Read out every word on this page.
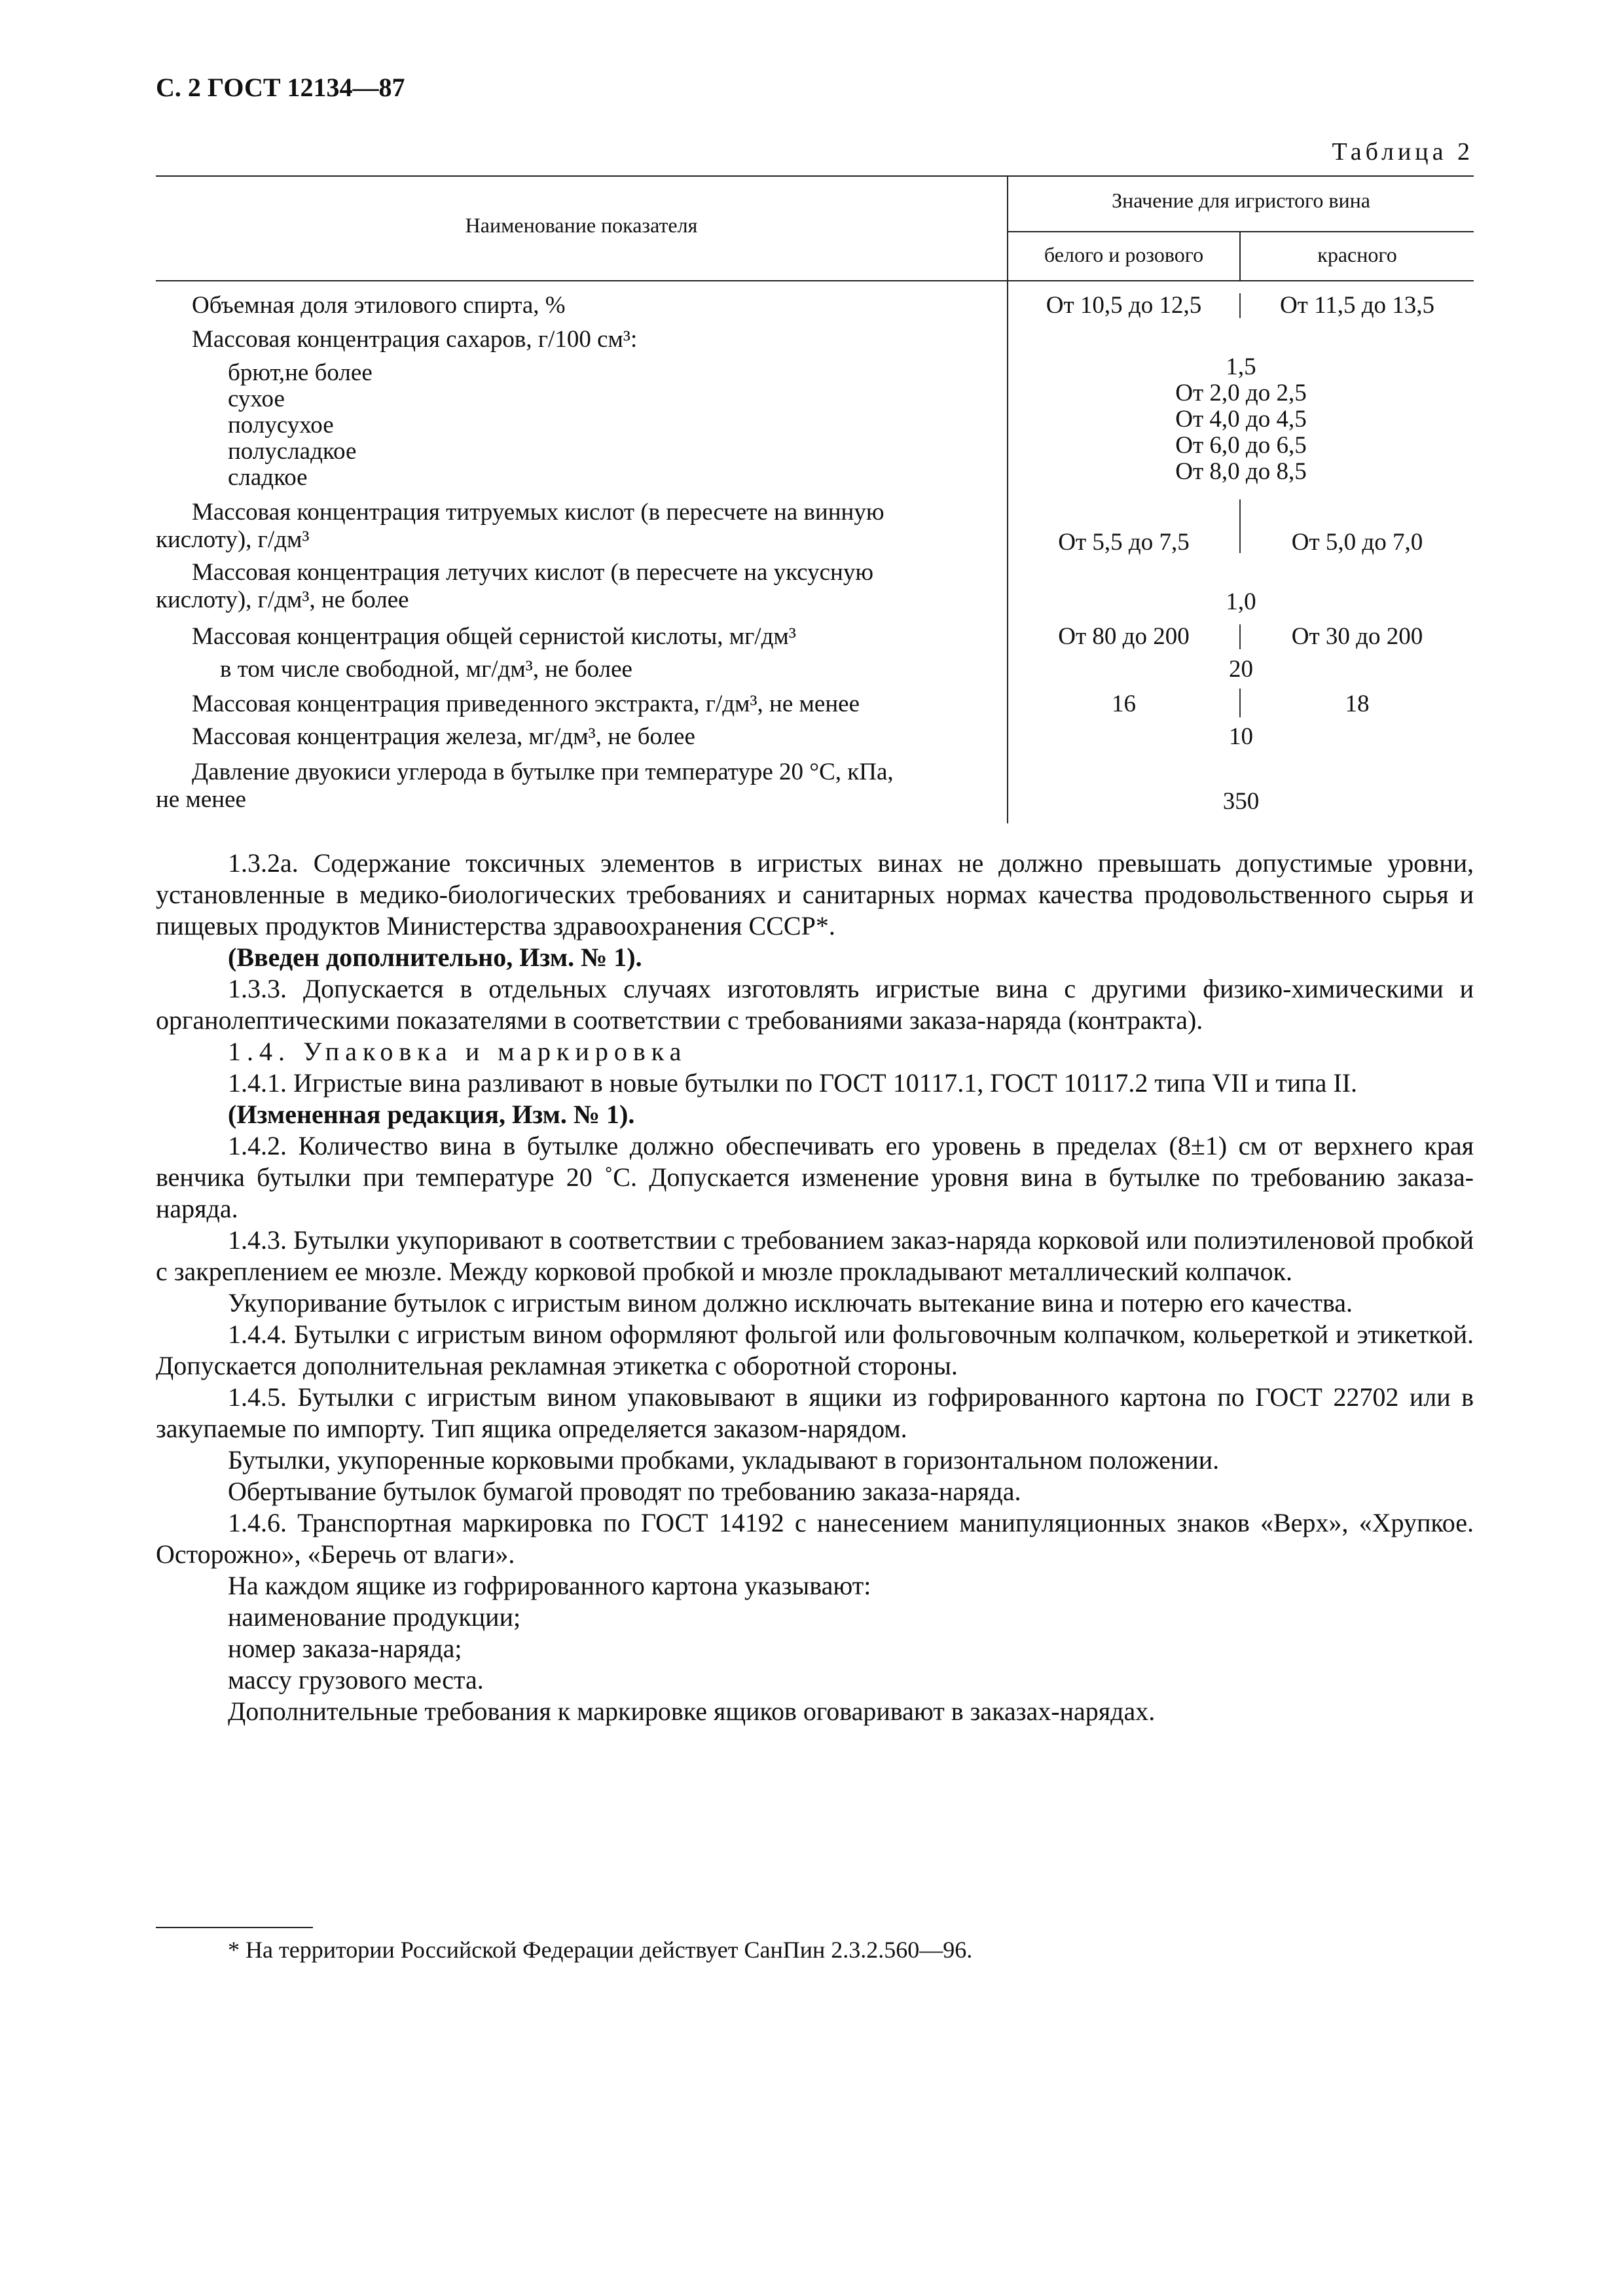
С. 2 ГОСТ 12134—87
Таблица 2
Наименование показателя
Значение для игристого вина
белого и розового	красного
Объемная доля этилового спирта, %	От 10,5 до 12,5	От 11,5 до 13,5
Массовая концентрация сахаров, г/100 см³:
брют,не более	1,5
сухое	От 2,0 до 2,5
полусухое	От 4,0 до 4,5
полусладкое	От 6,0 до 6,5
сладкое	От 8,0 до 8,5
Массовая концентрация титруемых кислот (в пересчете на винную
кислоту), г/дм³	От 5,5 до 7,5	От 5,0 до 7,0
Массовая концентрация летучих кислот (в пересчете на уксусную
кислоту), г/дм³, не более	1,0
Массовая концентрация общей сернистой кислоты, мг/дм³	От 80 до 200	От 30 до 200
в том числе свободной, мг/дм³, не более	20
Массовая концентрация приведенного экстракта, г/дм³, не менее	16	18
Массовая концентрация железа, мг/дм³, не более	10
Давление двуокиси углерода в бутылке при температуре 20 °С, кПа,
не менее	350

1.3.2а. Содержание токсичных элементов в игристых винах не должно превышать допустимые уровни, установленные в медико-биологических требованиях и санитарных нормах качества продовольственного сырья и пищевых продуктов Министерства здравоохранения СССР*.

(Введен дополнительно, Изм. № 1).

1.3.3. Допускается в отдельных случаях изготовлять игристые вина с другими физико-химическими и органолептическими показателями в соответствии с требованиями заказа-наряда (контракта).

1.4. Упаковка и маркировка

1.4.1. Игристые вина разливают в новые бутылки по ГОСТ 10117.1, ГОСТ 10117.2 типа VII и типа II.

(Измененная редакция, Изм. № 1).

1.4.2. Количество вина в бутылке должно обеспечивать его уровень в пределах (8±1) см от верхнего края венчика бутылки при температуре 20 ˚С. Допускается изменение уровня вина в бутылке по требованию заказа-наряда.

1.4.3. Бутылки укупоривают в соответствии с требованием заказ-наряда корковой или полиэтиленовой пробкой с закреплением ее мюзле. Между корковой пробкой и мюзле прокладывают металлический колпачок.

Укупоривание бутылок с игристым вином должно исключать вытекание вина и потерю его качества.

1.4.4. Бутылки с игристым вином оформляют фольгой или фольговочным колпачком, кольереткой и этикеткой. Допускается дополнительная рекламная этикетка с оборотной стороны.

1.4.5. Бутылки с игристым вином упаковывают в ящики из гофрированного картона по ГОСТ 22702 или в закупаемые по импорту. Тип ящика определяется заказом-нарядом.

Бутылки, укупоренные корковыми пробками, укладывают в горизонтальном положении.

Обертывание бутылок бумагой проводят по требованию заказа-наряда.

1.4.6. Транспортная маркировка по ГОСТ 14192 с нанесением манипуляционных знаков «Верх», «Хрупкое. Осторожно», «Беречь от влаги».

На каждом ящике из гофрированного картона указывают:

наименование продукции;

номер заказа-наряда;

массу грузового места.

Дополнительные требования к маркировке ящиков оговаривают в заказах-нарядах.

* На территории Российской Федерации действует СанПин 2.3.2.560—96.
